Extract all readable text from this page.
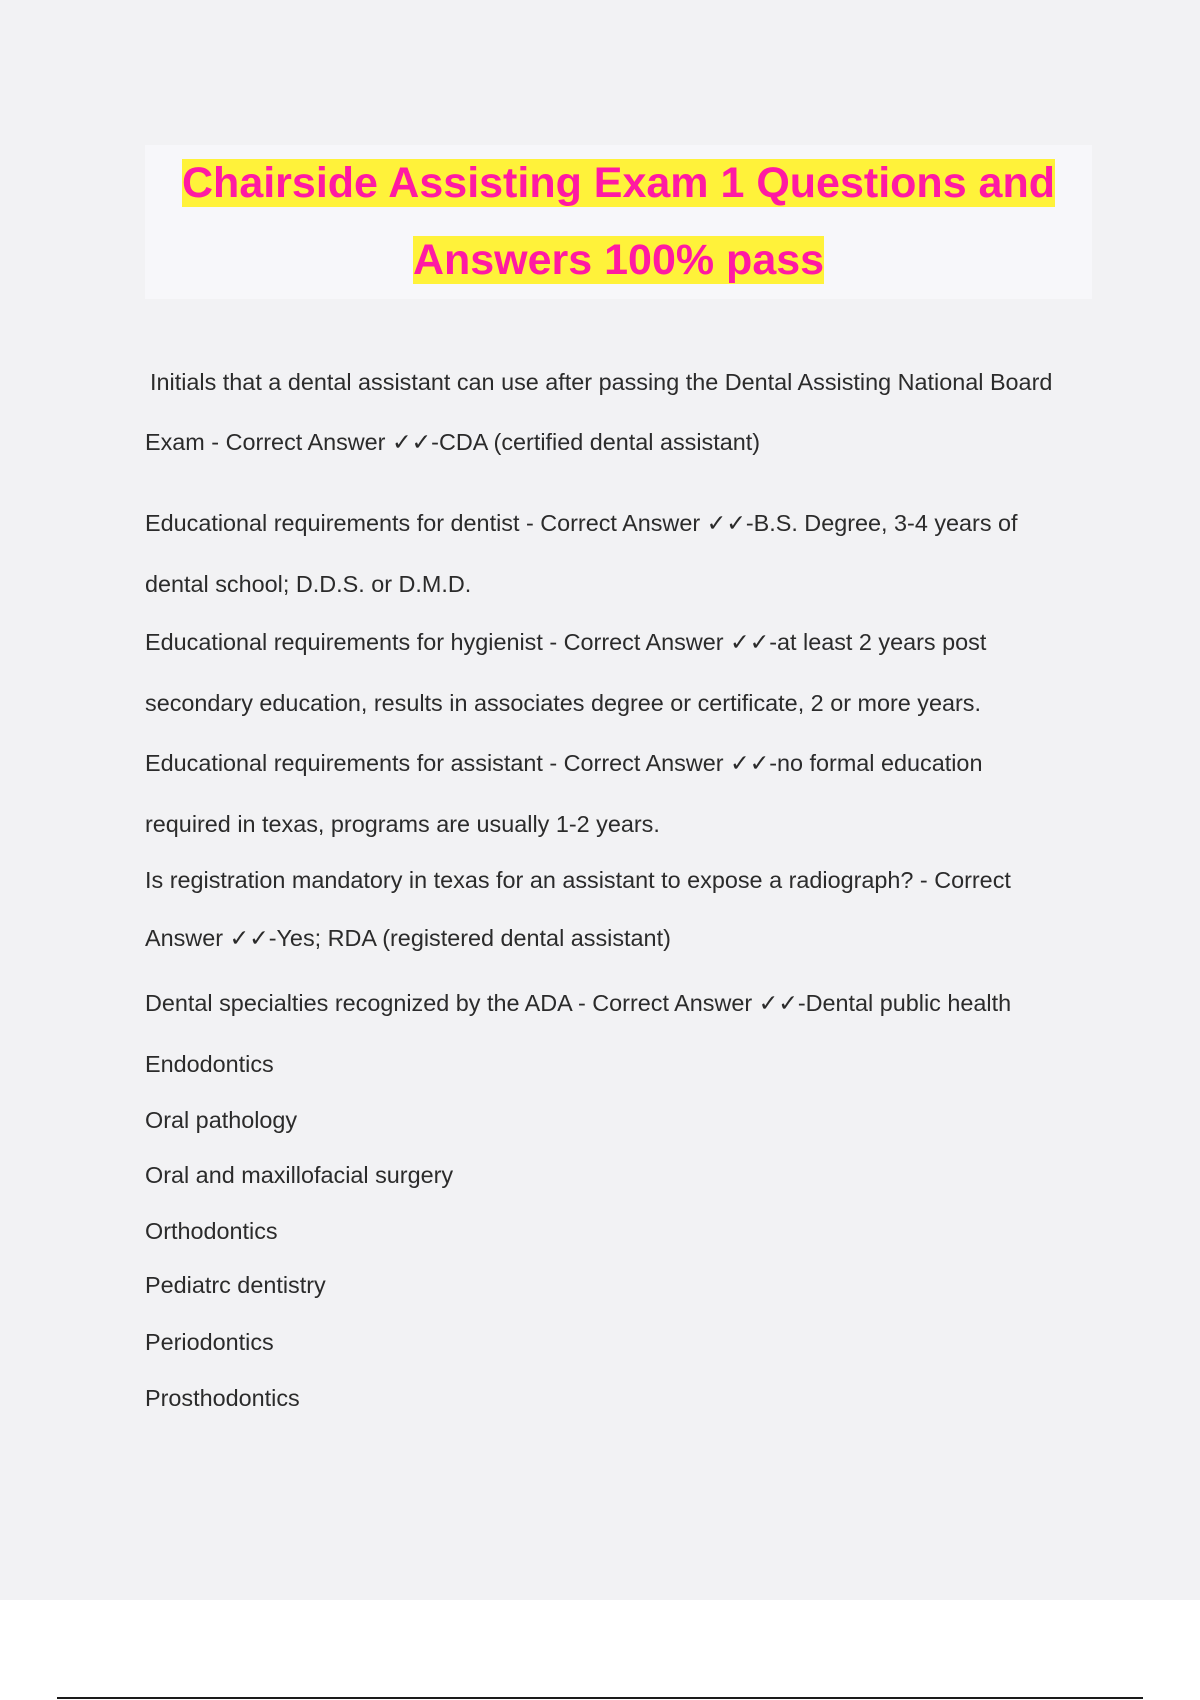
Chairside Assisting Exam 1 Questions and
Answers 100% pass

Initials that a dental assistant can use after passing the Dental Assisting National Board

Exam - Correct Answer ✓✓-CDA (certified dental assistant)

Educational requirements for dentist - Correct Answer ✓✓-B.S. Degree, 3-4 years of

dental school; D.D.S. or D.M.D.

Educational requirements for hygienist - Correct Answer ✓✓-at least 2 years post

secondary education, results in associates degree or certificate, 2 or more years.

Educational requirements for assistant - Correct Answer ✓✓-no formal education

required in texas, programs are usually 1-2 years.

Is registration mandatory in texas for an assistant to expose a radiograph? - Correct

Answer ✓✓-Yes; RDA (registered dental assistant)

Dental specialties recognized by the ADA - Correct Answer ✓✓-Dental public health

Endodontics

Oral pathology

Oral and maxillofacial surgery

Orthodontics

Pediatrc dentistry

Periodontics

Prosthodontics
